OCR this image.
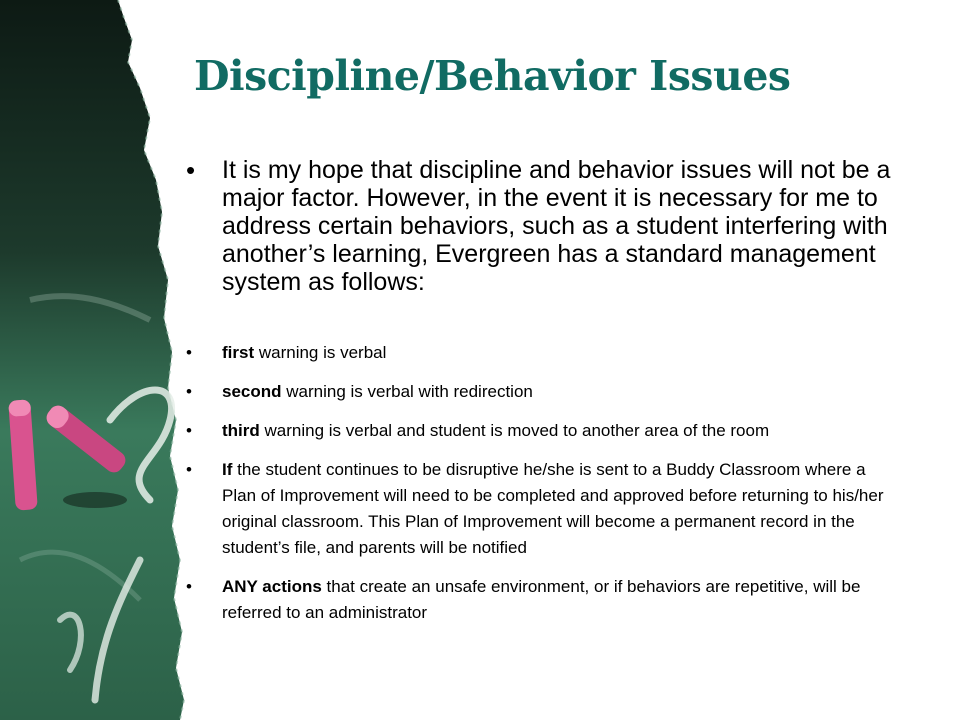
Discipline/Behavior Issues
•	It is my hope that discipline and behavior issues will not be a major factor. However, in the event it is necessary for me to address certain behaviors, such as a student interfering with another’s learning, Evergreen has a standard management system as follows:
•	first warning is verbal
•	second warning is verbal with redirection
•	third warning is verbal and student is moved to another area of the room
•	If the student continues to be disruptive he/she is sent to a Buddy Classroom where a Plan of Improvement will need to be completed and approved before returning to his/her original classroom. This Plan of Improvement will become a permanent record in the student’s file, and parents will be notified
•	ANY actions that create an unsafe environment, or if behaviors are repetitive, will be referred to an administrator
